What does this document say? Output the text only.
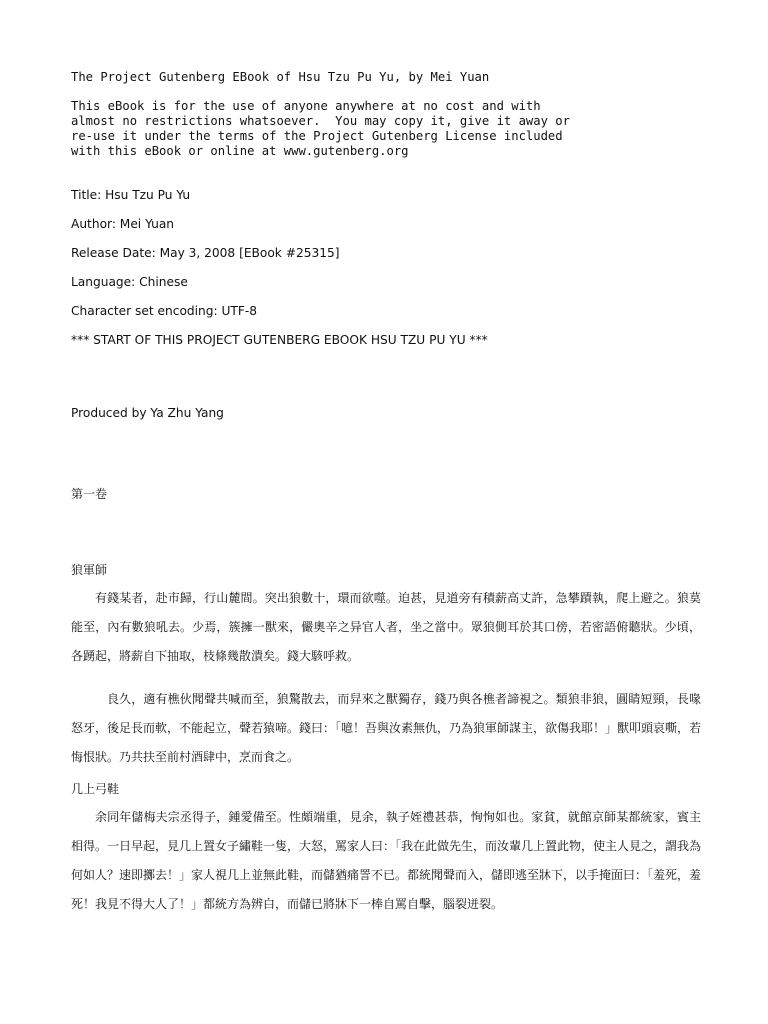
The Project Gutenberg EBook of Hsu Tzu Pu Yu, by Mei Yuan

This eBook is for the use of anyone anywhere at no cost and with

almost no restrictions whatsoever.  You may copy it, give it away or

re-use it under the terms of the Project Gutenberg License included

with this eBook or online at www.gutenberg.org

Title: Hsu Tzu Pu Yu

Author: Mei Yuan

Release Date: May 3, 2008 [EBook #25315]

Language: Chinese

Character set encoding: UTF-8

*** START OF THIS PROJECT GUTENBERG EBOOK HSU TZU PU YU ***

Produced by Ya Zhu Yang

第一卷

狼軍師

有錢某者，赴市歸，行山麓間。突出狼數十，環而欲噬。迫甚，見道旁有積薪高丈許，急攀蹟執，爬上避之。狼莫能至，內有數狼吼去。少焉，簇擁一獸來，儼奧辛之异官人者，坐之當中。眾狼側耳於其口傍，若密語俯聽狀。少頃，各踴起，將薪自下抽取，枝條幾散潰矣。錢大駭呼救。

良久，適有樵伙聞聲共喊而至，狼驚散去，而舁來之獸獨存，錢乃與各樵者諦視之。類狼非狼，圓睛短頸，長喙怒牙，後足長而軟，不能起立，聲若猿啼。錢曰：「噫！吾與汝素無仇，乃為狼軍師謀主，欲傷我耶！」獸叩頭哀嘶，若悔恨狀。乃共扶至前村酒肆中，烹而食之。

几上弓鞋

余同年儲梅夫宗丞得子，鍾愛備至。性頗端重，見余，執子姪禮甚恭，恂恂如也。家貧，就館京師某都統家，賓主相得。一日早起，見几上置女子繡鞋一隻，大怒，罵家人曰：「我在此做先生，而汝輩几上置此物，使主人見之，謂我為何如人？速即擲去！」家人視几上並無此鞋，而儲猶痛詈不已。都統聞聲而入，儲即逃至牀下，以手掩面曰：「羞死，羞死！我見不得大人了！」都統方為辨白，而儲已將牀下一棒自罵自擊，腦裂迸裂。
